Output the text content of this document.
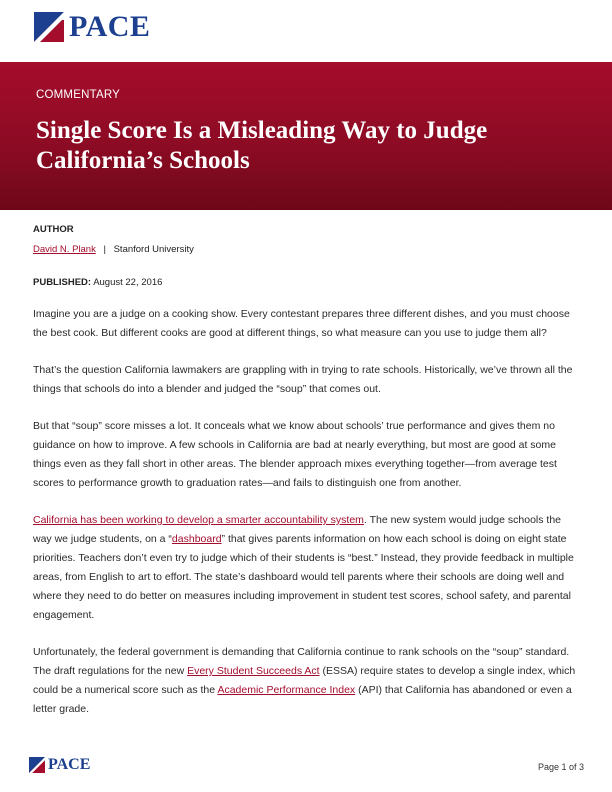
PACE
COMMENTARY
Single Score Is a Misleading Way to Judge California’s Schools
AUTHOR
David N. Plank | Stanford University
PUBLISHED: August 22, 2016

Imagine you are a judge on a cooking show. Every contestant prepares three different dishes, and you must choose the best cook. But different cooks are good at different things, so what measure can you use to judge them all?

That’s the question California lawmakers are grappling with in trying to rate schools. Historically, we’ve thrown all the things that schools do into a blender and judged the “soup” that comes out.

But that “soup” score misses a lot. It conceals what we know about schools’ true performance and gives them no guidance on how to improve. A few schools in California are bad at nearly everything, but most are good at some things even as they fall short in other areas. The blender approach mixes everything together—from average test scores to performance growth to graduation rates—and fails to distinguish one from another.

California has been working to develop a smarter accountability system. The new system would judge schools the way we judge students, on a “dashboard” that gives parents information on how each school is doing on eight state priorities. Teachers don’t even try to judge which of their students is “best.” Instead, they provide feedback in multiple areas, from English to art to effort. The state’s dashboard would tell parents where their schools are doing well and where they need to do better on measures including improvement in student test scores, school safety, and parental engagement.

Unfortunately, the federal government is demanding that California continue to rank schools on the “soup” standard. The draft regulations for the new Every Student Succeeds Act (ESSA) require states to develop a single index, which could be a numerical score such as the Academic Performance Index (API) that California has abandoned or even a letter grade.

PACE	Page 1 of 3
